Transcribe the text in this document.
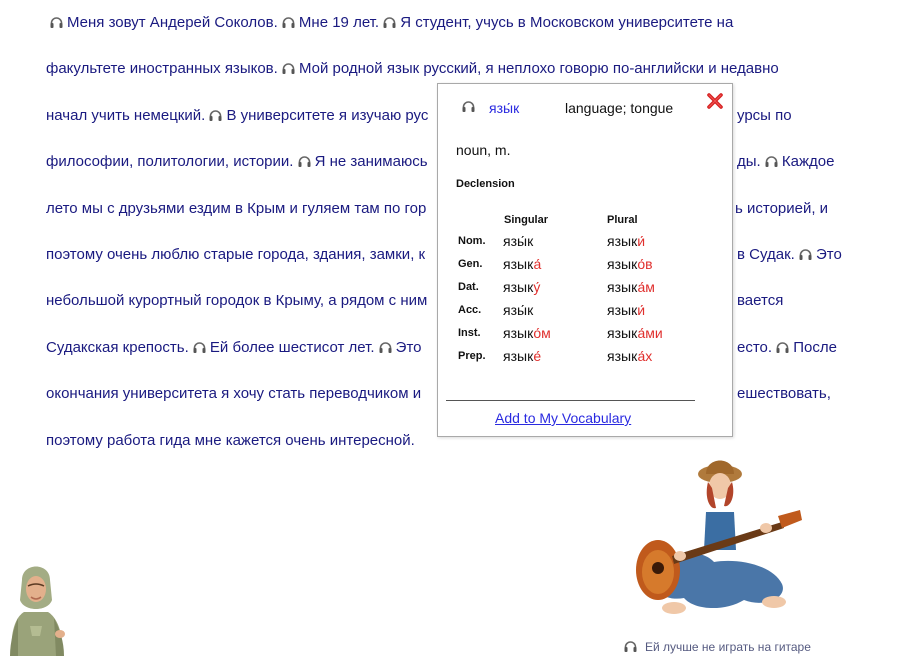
Меня зовут Андерей Соколов. Мне 19 лет. Я студент, учусь в Московском университете на
факультете иностранных языков. Мой родной язык русский, я неплохо говорю по-английски и недавно
начал учить немецкий. В университете я изучаю рус
философии, политологии, истории. Я не занимаюсь
лето мы с друзьями ездим в Крым и гуляем там по гор
поэтому очень люблю старые города, здания, замки, к
небольшой курортный городок в Крыму, а рядом с ним
Судакская крепость. Ей более шестисот лет. Это
окончания университета я хочу стать переводчиком и
поэтому работа гида мне кажется очень интересной.

урсы по
ды. Каждое
ь историей, и
в Судак. Это
вается
есто. После
ешествовать,
язы́к	language; tongue
noun, m.
Declension
Singular	Plural
Nom. язы́к	языки́
Gen. языка́	языко́в
Dat. языку́	языка́м
Acc. язы́к	языки́
Inst. языко́м	языка́ми
Prep. языке́	языка́х
Add to My Vocabulary
Ей лучше не играть на гитаре
